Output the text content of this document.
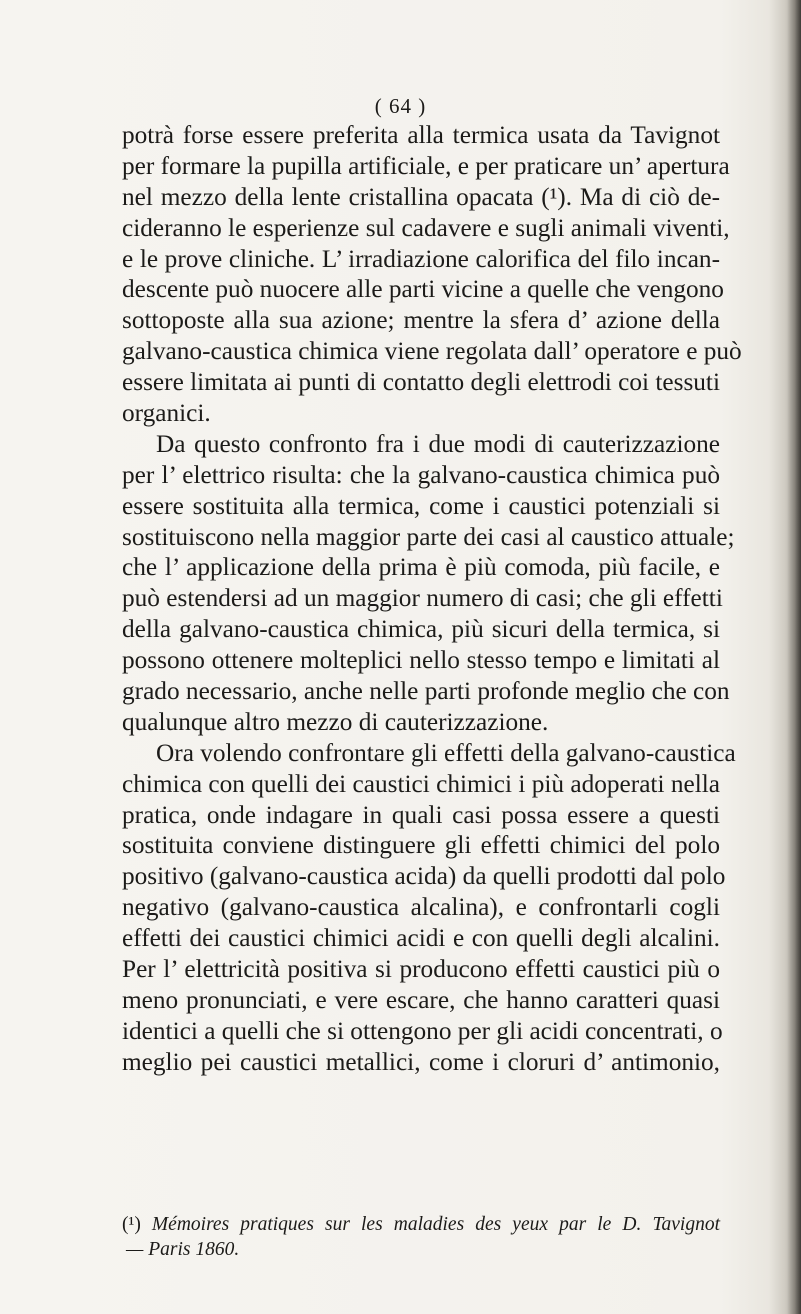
( 64 )
potrà forse essere preferita alla termica usata da Tavignot
per formare la pupilla artificiale, e per praticare un’ apertura
nel mezzo della lente cristallina opacata (¹). Ma di ciò de-
cideranno le esperienze sul cadavere e sugli animali viventi,
e le prove cliniche. L’ irradiazione calorifica del filo incan-
descente può nuocere alle parti vicine a quelle che vengono
sottoposte alla sua azione; mentre la sfera d’ azione della
galvano-caustica chimica viene regolata dall’ operatore e può
essere limitata ai punti di contatto degli elettrodi coi tessuti
organici.
Da questo confronto fra i due modi di cauterizzazione
per l’ elettrico risulta: che la galvano-caustica chimica può
essere sostituita alla termica, come i caustici potenziali si
sostituiscono nella maggior parte dei casi al caustico attuale;
che l’ applicazione della prima è più comoda, più facile, e
può estendersi ad un maggior numero di casi; che gli effetti
della galvano-caustica chimica, più sicuri della termica, si
possono ottenere molteplici nello stesso tempo e limitati al
grado necessario, anche nelle parti profonde meglio che con
qualunque altro mezzo di cauterizzazione.
Ora volendo confrontare gli effetti della galvano-caustica
chimica con quelli dei caustici chimici i più adoperati nella
pratica, onde indagare in quali casi possa essere a questi
sostituita conviene distinguere gli effetti chimici del polo
positivo (galvano-caustica acida) da quelli prodotti dal polo
negativo (galvano-caustica alcalina), e confrontarli cogli
effetti dei caustici chimici acidi e con quelli degli alcalini.
Per l’ elettricità positiva si producono effetti caustici più o
meno pronunciati, e vere escare, che hanno caratteri quasi
identici a quelli che si ottengono per gli acidi concentrati, o
meglio pei caustici metallici, come i cloruri d’ antimonio,
(¹) Mémoires pratiques sur les maladies des yeux par le D. Tavignot
— Paris 1860.
